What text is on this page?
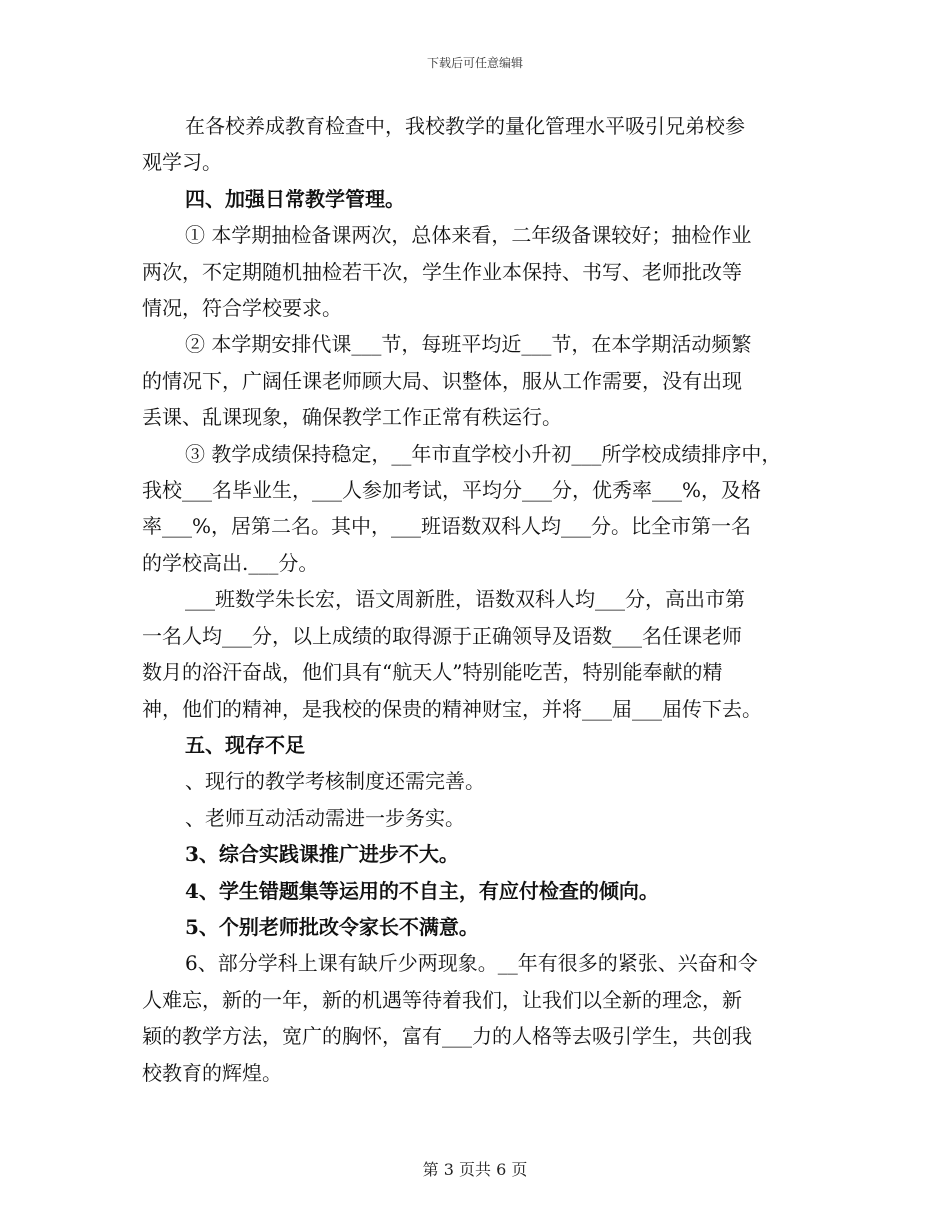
下载后可任意编辑
在各校养成教育检查中，我校教学的量化管理水平吸引兄弟校参
观学习。
四、加强日常教学管理。
① 本学期抽检备课两次，总体来看，二年级备课较好；抽检作业
两次，不定期随机抽检若干次，学生作业本保持、书写、老师批改等
情况，符合学校要求。
② 本学期安排代课___节，每班平均近___节，在本学期活动频繁
的情况下，广阔任课老师顾大局、识整体，服从工作需要，没有出现
丢课、乱课现象，确保教学工作正常有秩运行。
③ 教学成绩保持稳定，__年市直学校小升初___所学校成绩排序中，
我校___名毕业生，___人参加考试，平均分___分，优秀率___%，及格
率___%，居第二名。其中，___班语数双科人均___分。比全市第一名
的学校高出.___分。
___班数学朱长宏，语文周新胜，语数双科人均___分，高出市第
一名人均___分，以上成绩的取得源于正确领导及语数___名任课老师
数月的浴汗奋战，他们具有“航天人”特别能吃苦，特别能奉献的精
神，他们的精神，是我校的保贵的精神财宝，并将___届___届传下去。
五、现存不足
、现行的教学考核制度还需完善。
、老师互动活动需进一步务实。
3、综合实践课推广进步不大。
4、学生错题集等运用的不自主，有应付检查的倾向。
5、个别老师批改令家长不满意。
6、部分学科上课有缺斤少两现象。__年有很多的紧张、兴奋和令
人难忘，新的一年，新的机遇等待着我们，让我们以全新的理念，新
颖的教学方法，宽广的胸怀，富有___力的人格等去吸引学生，共创我
校教育的辉煌。
第 3 页共 6 页
